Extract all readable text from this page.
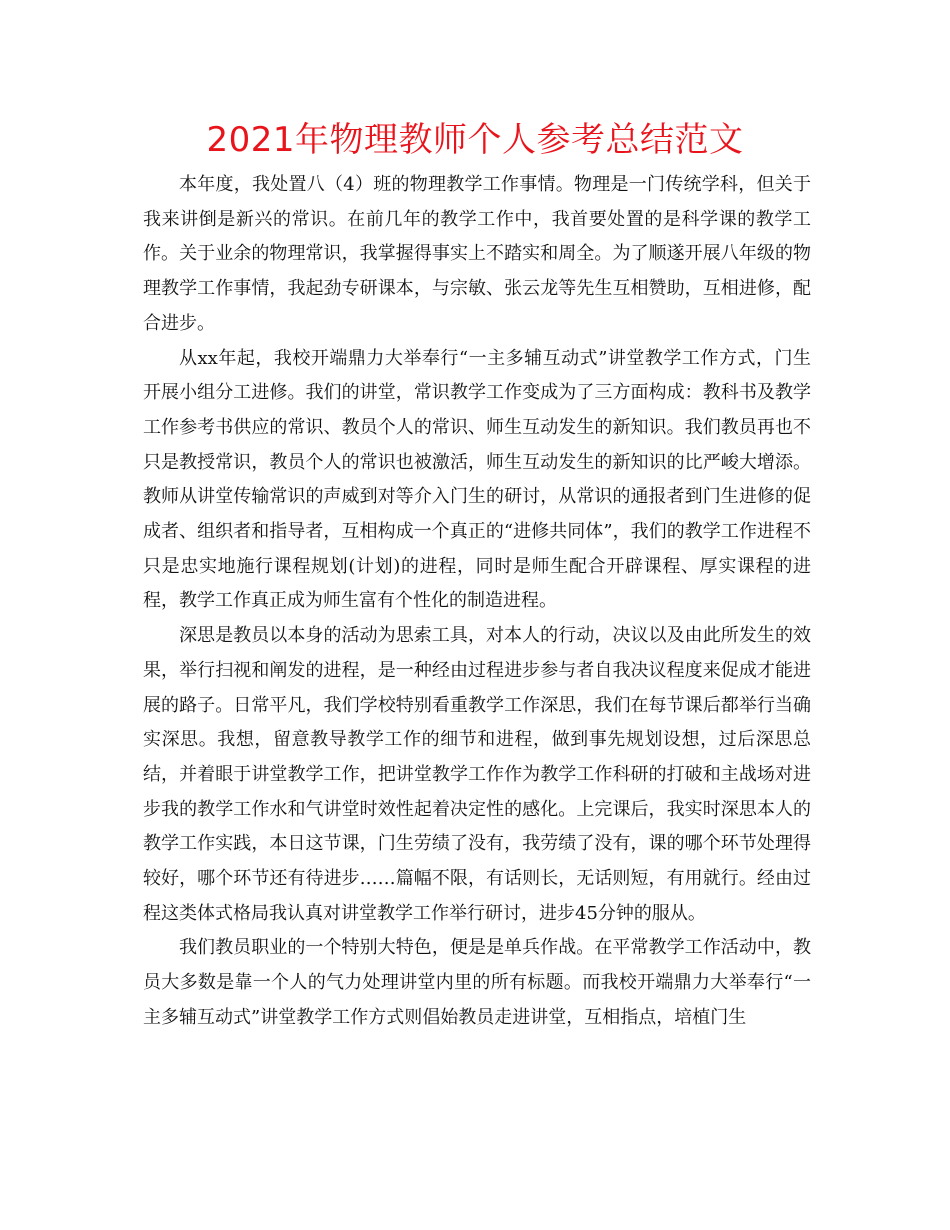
2021年物理教师个人参考总结范文

本年度，我处置八（4）班的物理教学工作事情。物理是一门传统学科，但关于我来讲倒是新兴的常识。在前几年的教学工作中，我首要处置的是科学课的教学工作。关于业余的物理常识，我掌握得事实上不踏实和周全。为了顺遂开展八年级的物理教学工作事情，我起劲专研课本，与宗敏、张云龙等先生互相赞助，互相进修，配合进步。

从xx年起，我校开端鼎力大举奉行“一主多辅互动式”讲堂教学工作方式，门生开展小组分工进修。我们的讲堂，常识教学工作变成为了三方面构成：教科书及教学工作参考书供应的常识、教员个人的常识、师生互动发生的新知识。我们教员再也不只是教授常识，教员个人的常识也被激活，师生互动发生的新知识的比严峻大增添。教师从讲堂传输常识的声威到对等介入门生的研讨，从常识的通报者到门生进修的促成者、组织者和指导者，互相构成一个真正的“进修共同体”，我们的教学工作进程不只是忠实地施行课程规划(计划)的进程，同时是师生配合开辟课程、厚实课程的进程，教学工作真正成为师生富有个性化的制造进程。

深思是教员以本身的活动为思索工具，对本人的行动，决议以及由此所发生的效果，举行扫视和阐发的进程，是一种经由过程进步参与者自我决议程度来促成才能进展的路子。日常平凡，我们学校特别看重教学工作深思，我们在每节课后都举行当确实深思。我想，留意教导教学工作的细节和进程，做到事先规划设想，过后深思总结，并着眼于讲堂教学工作，把讲堂教学工作作为教学工作科研的打破和主战场对进步我的教学工作水和气讲堂时效性起着决定性的感化。上完课后，我实时深思本人的教学工作实践，本日这节课，门生劳绩了没有，我劳绩了没有，课的哪个环节处理得较好，哪个环节还有待进步……篇幅不限，有话则长，无话则短，有用就行。经由过程这类体式格局我认真对讲堂教学工作举行研讨，进步45分钟的服从。

我们教员职业的一个特别大特色，便是是单兵作战。在平常教学工作活动中，教员大多数是靠一个人的气力处理讲堂内里的所有标题。而我校开端鼎力大举奉行“一主多辅互动式”讲堂教学工作方式则倡始教员走进讲堂，互相指点，培植门生
